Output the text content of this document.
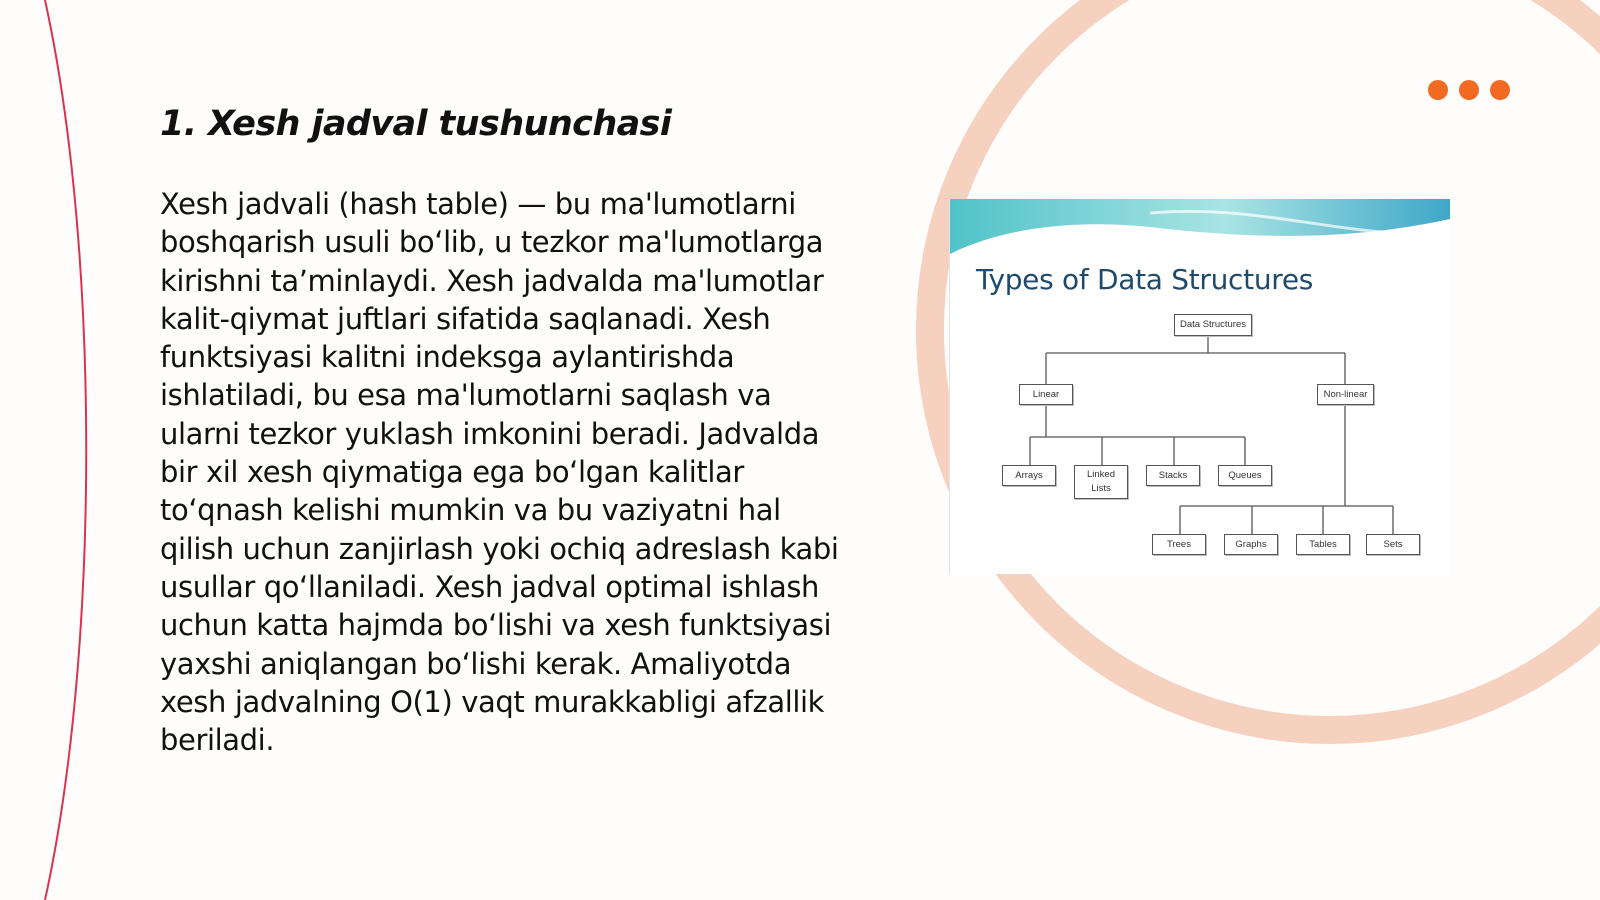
1. Xesh jadval tushunchasi

Xesh jadvali (hash table) — bu ma'lumotlarni boshqarish usuli bo‘lib, u tezkor ma'lumotlarga kirishni ta’minlaydi. Xesh jadvalda ma'lumotlar kalit-qiymat juftlari sifatida saqlanadi. Xesh funktsiyasi kalitni indeksga aylantirishda ishlatiladi, bu esa ma'lumotlarni saqlash va ularni tezkor yuklash imkonini beradi. Jadvalda bir xil xesh qiymatiga ega bo‘lgan kalitlar to‘qnash kelishi mumkin va bu vaziyatni hal qilish uchun zanjirlash yoki ochiq adreslash kabi usullar qo‘llaniladi. Xesh jadval optimal ishlash uchun katta hajmda bo‘lishi va xesh funktsiyasi yaxshi aniqlangan bo‘lishi kerak. Amaliyotda xesh jadvalning O(1) vaqt murakkabligi afzallik beriladi.

Types of Data Structures
Data Structures
Linear	Non-linear
Arrays	Linked Lists
Stacks	Queues
Trees	Graphs	Tables	Sets
